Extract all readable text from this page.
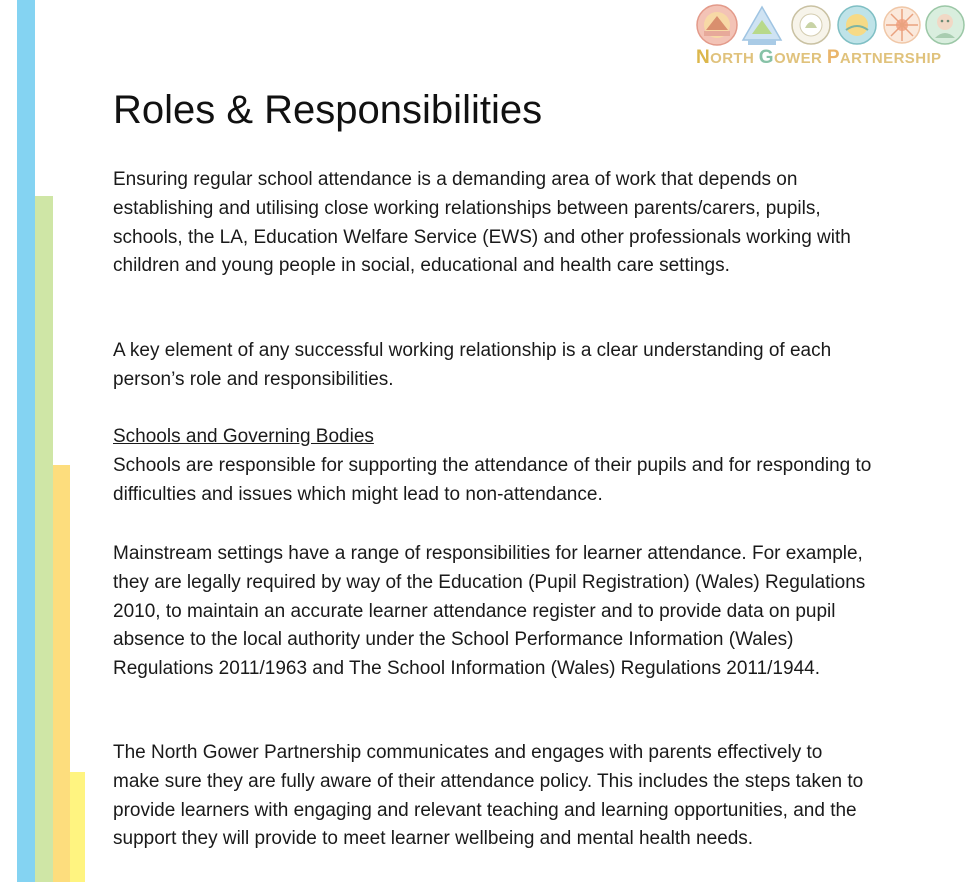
NORTH GOWER PARTNERSHIP
Roles & Responsibilities

Ensuring regular school attendance is a demanding area of work that depends on establishing and utilising close working relationships between parents/carers, pupils, schools, the LA, Education Welfare Service (EWS) and other professionals working with children and young people in social, educational and health care settings.

A key element of any successful working relationship is a clear understanding of each person’s role and responsibilities.

Schools and Governing Bodies
Schools are responsible for supporting the attendance of their pupils and for responding to difficulties and issues which might lead to non-attendance.

Mainstream settings have a range of responsibilities for learner attendance. For example, they are legally required by way of the Education (Pupil Registration) (Wales) Regulations 2010, to maintain an accurate learner attendance register and to provide data on pupil absence to the local authority under the School Performance Information (Wales) Regulations 2011/1963 and The School Information (Wales) Regulations 2011/1944.

The North Gower Partnership communicates and engages with parents effectively to make sure they are fully aware of their attendance policy. This includes the steps taken to provide learners with engaging and relevant teaching and learning opportunities, and the support they will provide to meet learner wellbeing and mental health needs.
